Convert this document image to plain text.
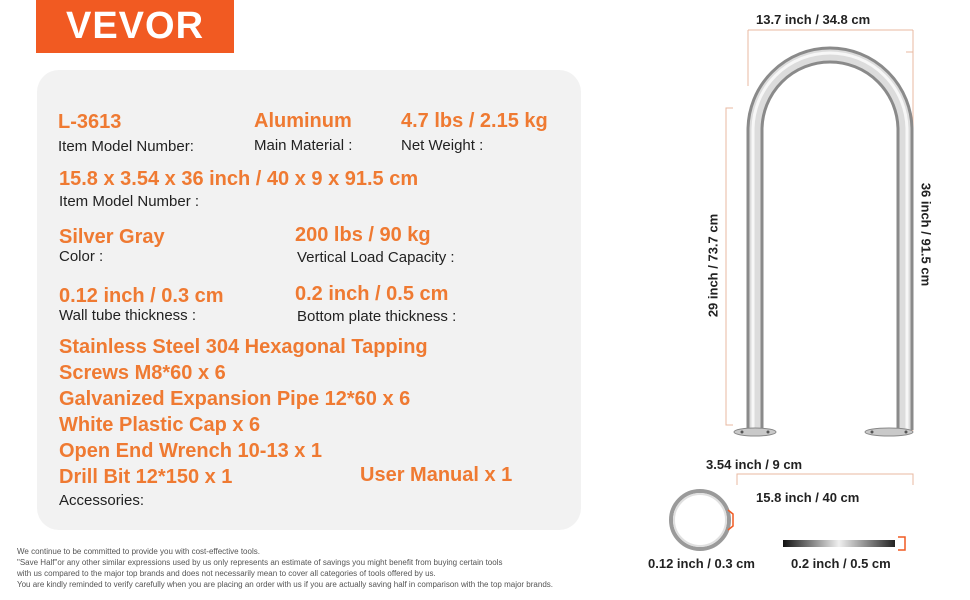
VEVOR
L-3613
Item Model Number:
Aluminum
Main Material :
4.7 lbs / 2.15 kg
Net Weight :
15.8 x 3.54 x 36 inch / 40 x 9 x 91.5 cm
Item Model Number :
Silver Gray
Color :
200 lbs / 90 kg
Vertical Load Capacity :
0.12 inch / 0.3 cm
Wall tube thickness :
0.2 inch / 0.5 cm
Bottom plate thickness :
Stainless Steel 304 Hexagonal Tapping
Screws M8*60 x 6
Galvanized Expansion Pipe 12*60 x 6
White Plastic Cap x 6
Open End Wrench 10-13 x 1
Drill Bit 12*150 x 1	User Manual x 1
Accessories:
We continue to be committed to provide you with cost-effective tools.
"Save Half"or any other similar expressions used by us only represents an estimate of savings you might benefit from buying certain tools
with us compared to the major top brands and does not necessarily mean to cover all categories of tools offered by us.
You are kindly reminded to verify carefully when you are placing an order with us if you are actually saving half in comparison with the top major brands.
13.7 inch / 34.8 cm
36 inch / 91.5 cm
29 inch / 73.7 cm
3.54 inch / 9 cm
15.8 inch / 40 cm
0.12 inch / 0.3 cm	0.2 inch / 0.5 cm
